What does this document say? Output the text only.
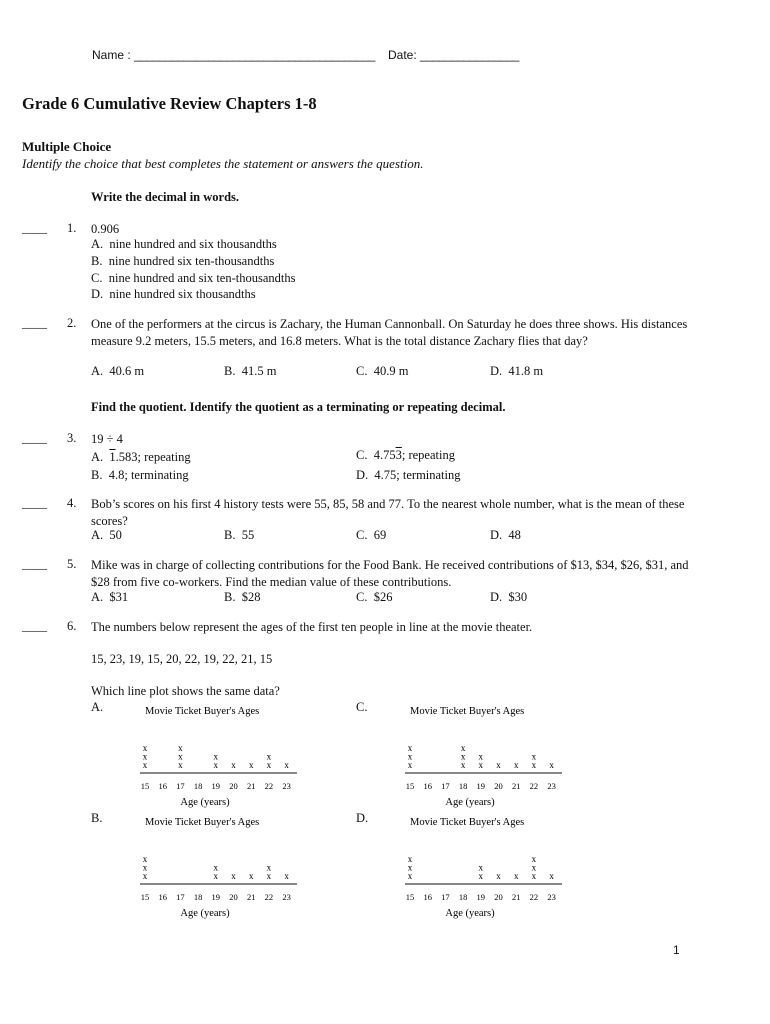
Name : _______________________________________ Date: ________________
Grade 6 Cumulative Review Chapters 1-8
Multiple Choice
Identify the choice that best completes the statement or answers the question.
Write the decimal in words.
____ 1. 0.906
A. nine hundred and six thousandths
B. nine hundred six ten-thousandths
C. nine hundred and six ten-thousandths
D. nine hundred six thousandths
____ 2. One of the performers at the circus is Zachary, the Human Cannonball. On Saturday he does three shows. His distances measure 9.2 meters, 15.5 meters, and 16.8 meters. What is the total distance Zachary flies that day?
A. 40.6 m	B. 41.5 m	C. 40.9 m	D. 41.8 m
Find the quotient. Identify the quotient as a terminating or repeating decimal.
____ 3. 19 ÷ 4
A. 1.583; repeating	C. 4.753; repeating
B. 4.8; terminating	D. 4.75; terminating
____ 4. Bob’s scores on his first 4 history tests were 55, 85, 58 and 77. To the nearest whole number, what is the mean of these scores?
A. 50	B. 55	C. 69	D. 48
____ 5. Mike was in charge of collecting contributions for the Food Bank. He received contributions of $13, $34, $26, $31, and $28 from five co-workers. Find the median value of these contributions.
A. $31	B. $28	C. $26	D. $30
____ 6. The numbers below represent the ages of the first ten people in line at the movie theater.
15, 23, 19, 15, 20, 22, 19, 22, 21, 15
Which line plot shows the same data?
A.	C.
B.	D.
Movie Ticket Buyer's Ages
15
x
x
x
16 17
x
x
x
18 19
x
x
20
x
21
x
22
x
x
23
x
Age (years)
Movie Ticket Buyer's Ages
15
x
x
x
16 17 18
x
x
x
19
x
x
20
x
21
x
22
x
x
23
x
Age (years)
Movie Ticket Buyer's Ages
15
x
x
x
16 17 18 19
x
x
20
x
21
x
22
x
x
23
x
Age (years)
Movie Ticket Buyer's Ages
15
x
x
x
16 17 18 19
x
x
20
x
21
x
22
x
x
x
23
x
Age (years)
1
